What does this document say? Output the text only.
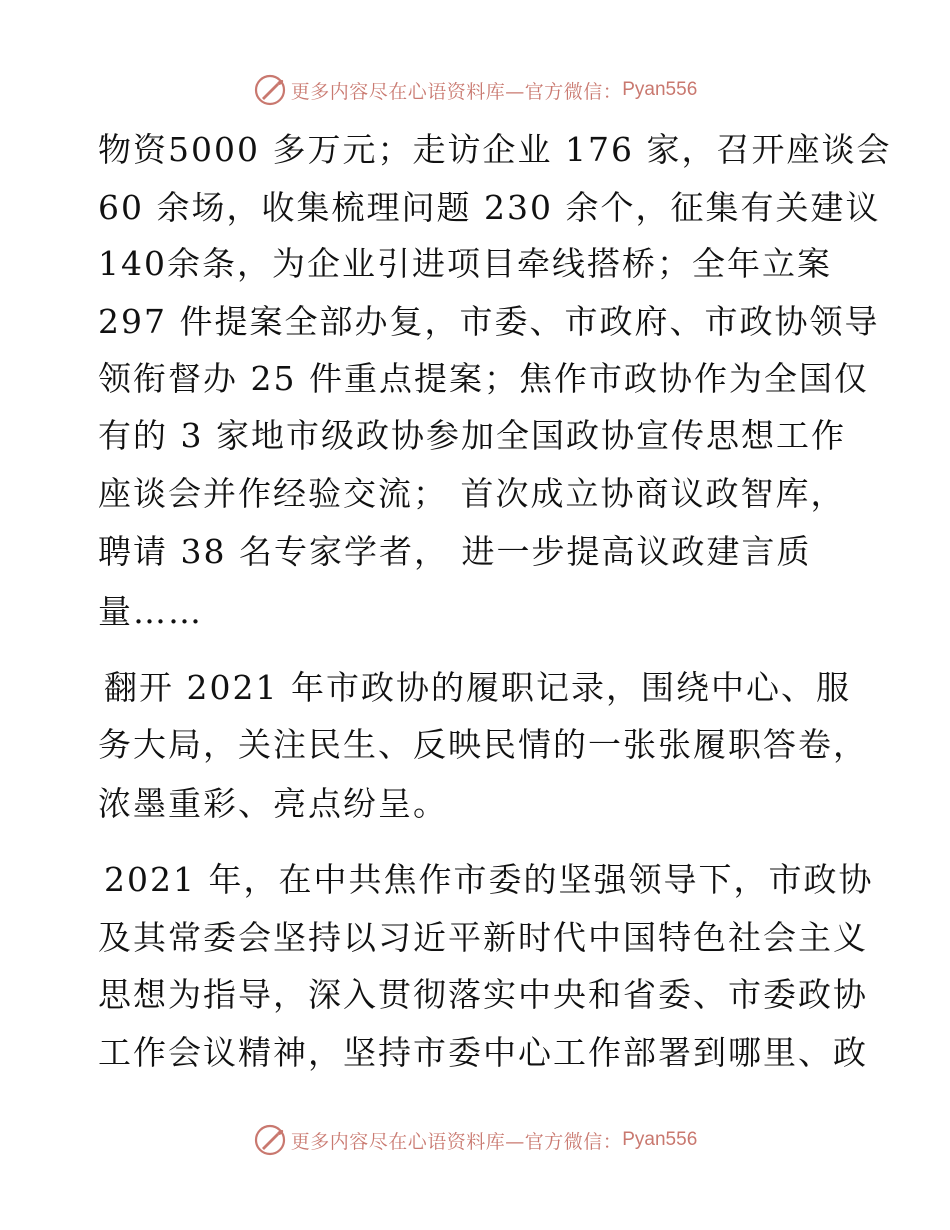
更多内容尽在心语资料库—官方微信： Pyan556
物资5000 多万元；走访企业 176 家，召开座谈会
60 余场，收集梳理问题 230 余个，征集有关建议
140余条，为企业引进项目牵线搭桥；全年立案
297 件提案全部办复，市委、市政府、市政协领导
领衔督办 25 件重点提案；焦作市政协作为全国仅
有的 3 家地市级政协参加全国政协宣传思想工作
座谈会并作经验交流； 首次成立协商议政智库，
聘请 38 名专家学者， 进一步提高议政建言质
量……
翻开 2021 年市政协的履职记录，围绕中心、服
务大局，关注民生、反映民情的一张张履职答卷，
浓墨重彩、亮点纷呈。
2021 年，在中共焦作市委的坚强领导下，市政协
及其常委会坚持以习近平新时代中国特色社会主义
思想为指导，深入贯彻落实中央和省委、市委政协
工作会议精神，坚持市委中心工作部署到哪里、政
更多内容尽在心语资料库—官方微信： Pyan556
